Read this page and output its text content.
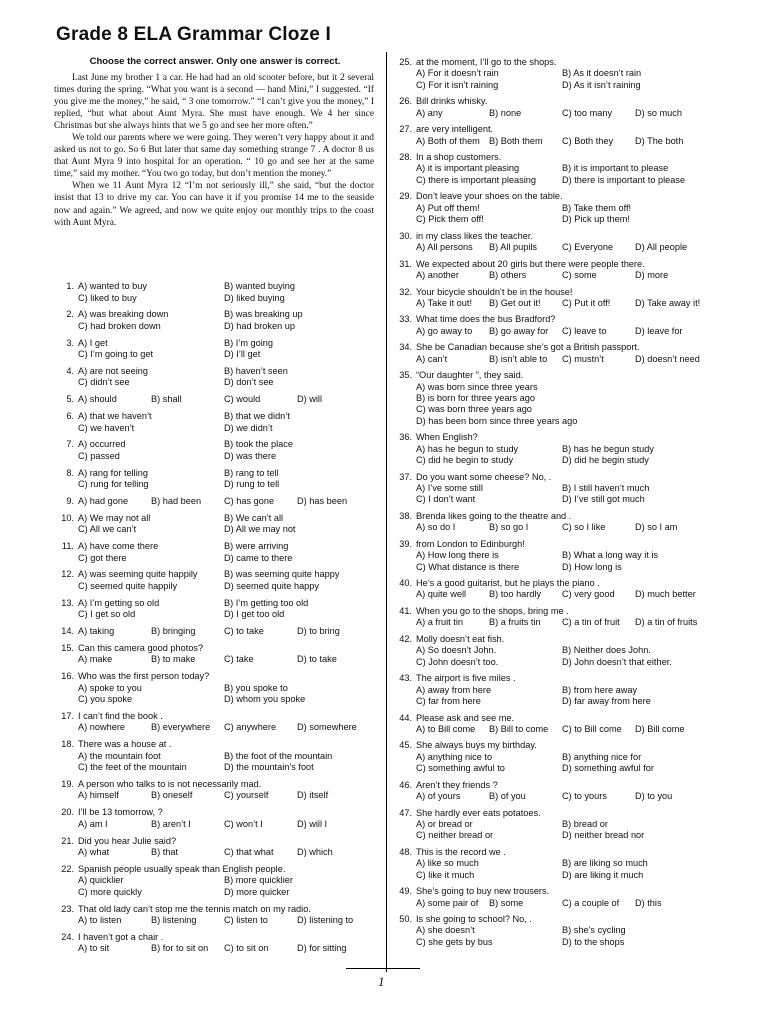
Grade 8 ELA Grammar Cloze I
Choose the correct answer. Only one answer is correct.

Last June my brother 1 a car. He had had an old scooter before, but it 2 several times during the spring. “What you want is a second — hand Mini,” I suggested. “If you give me the money,” he said, “ 3 one tomorrow.” “I can’t give you the money,” I replied, “but what about Aunt Myra. She must have enough. We 4 her since Christmas but she always hints that we 5 go and see her more often.”

We told our parents where we were going. They weren’t very happy about it and asked us not to go. So 6 But later that same day something strange 7 . A doctor 8 us that Aunt Myra 9 into hospital for an operation. “ 10 go and see her at the same time,” said my mother. “You two go today, but don’t mention the money.”

When we 11 Aunt Myra 12 “I’m not seriously ill,” she said, “but the doctor insist that 13 to drive my car. You can have it if you promise 14 me to the seaside now and again.” We agreed, and now we quite enjoy our monthly trips to the coast with Aunt Myra.

1. A) wanted to buy	B) wanted buying
C) liked to buy	D) liked buying
2. A) was breaking down	B) was breaking up
C) had broken down	D) had broken up
3. A) I get	B) I’m going
C) I’m going to get	D) I’ll get
4. A) are not seeing	B) haven’t seen
C) didn’t see	D) don’t see
5. A) should	B) shall	C) would	D) will
6. A) that we haven’t	B) that we didn’t
C) we haven’t	D) we didn’t
7. A) occurred	B) took the place
C) passed	D) was there
8. A) rang for telling	B) rang to tell
C) rung for telling	D) rung to tell
9. A) had gone B) had been C) has gone D) has been
10. A) We may not all	B) We can’t all
C) All we can’t	D) All we may not
11. A) have come there	B) were arriving
C) got there	D) came to there
12. A) was seeming quite happily	B) was seeming quite happy
C) seemed quite happily	D) seemed quite happy
13. A) I’m getting so old	B) I’m getting too old
C) I get so old	D) I get too old
14. A) taking	B) bringing	C) to take	D) to bring
15. Can this camera good photos?
A) make	B) to make	C) take	D) to take
16. Who was the first person today?
A) spoke to you	B) you spoke to
C) you spoke	D) whom you spoke
17. I can’t find the book .
A) nowhere	B) everywhere C) anywhere D) somewhere
18. There was a house at .
A) the mountain foot	B) the foot of the mountain
C) the feet of the mountain	D) the mountain’s foot
19. A person who talks to is not necessarily mad.
A) himself	B) oneself	C) yourself	D) itself
20. I’ll be 13 tomorrow, ?
A) am I	B) aren’t I	C) won’t I	D) will I
21. Did you hear Julie said?
A) what	B) that	C) that what	D) which
22. Spanish people usually speak than English people.
A) quicklier	B) more quicklier
C) more quickly	D) more quicker
23. That old lady can’t stop me the tennis match on my radio.
A) to listen	B) listening	C) listen to	D) listening to
24. I haven’t got a chair .
A) to sit	B) for to sit on C) to sit on	D) for sitting
25. at the moment, I’ll go to the shops.
A) For it doesn’t rain	B) As it doesn’t rain
C) For it isn’t raining	D) As it isn’t raining
26. Bill drinks whisky.
A) any	B) none	C) too many D) so much
27. are very intelligent.
A) Both of them B) Both them C) Both they D) The both
28. In a shop customers.
A) it is important pleasing	B) it is important to please
C) there is important pleasing	D) there is important to please
29. Don’t leave your shoes on the table.
A) Put off them!	B) Take them off!
C) Pick them off!	D) Pick up them!
30. in my class likes the teacher.
A) All persons B) All pupils	C) Everyone D) All people
31. We expected about 20 girls but there were people there.
A) another	B) others	C) some	D) more
32. Your bicycle shouldn’t be in the house!
A) Take it out! B) Get out it! C) Put it off!	D) Take away it!
33. What time does the bus Bradford?
A) go away to B) go away for C) leave to	D) leave for
34. She be Canadian because she’s got a British passport.
A) can’t	B) isn’t able to C) mustn’t	D) doesn’t need
35. “Our daughter ”, they said.
A) was born since three years
B) is born for three years ago
C) was born three years ago
D) has been born since three years ago
36. When English?
A) has he begun to study	B) has he begun study
C) did he begin to study	D) did he begin study
37. Do you want some cheese? No, .
A) I’ve some still	B) I still haven’t much
C) I don’t want	D) I’ve still got much
38. Brenda likes going to the theatre and .
A) so do I	B) so go I	C) so I like	D) so I am
39. from London to Edinburgh!
A) How long there is	B) What a long way it is
C) What distance is there	D) How long is
40. He’s a good guitarist, but he plays the piano .
A) quite well B) too hardly C) very good D) much better
41. When you go to the shops, bring me .
A) a fruit tin	B) a fruits tin C) a tin of fruit D) a tin of fruits
42. Molly doesn’t eat fish.
A) So doesn’t John.	B) Neither does John.
C) John doesn’t too.	D) John doesn’t that either.
43. The airport is five miles .
A) away from here	B) from here away
C) far from here	D) far away from here
44. Please ask and see me.
A) to Bill come B) Bill to come C) to Bill come D) Bill come
45. She always buys my birthday.
A) anything nice to	B) anything nice for
C) something awful to	D) something awful for
46. Aren’t they friends ?
A) of yours	B) of you	C) to yours	D) to you
47. She hardly ever eats potatoes.
A) or bread or	B) bread or
C) neither bread or	D) neither bread nor
48. This is the record we .
A) like so much	B) are liking so much
C) like it much	D) are liking it much
49. She’s going to buy new trousers.
A) some pair of B) some	C) a couple of D) this
50. Is she going to school? No, .
A) she doesn’t	B) she’s cycling
C) she gets by bus	D) to the shops
1
